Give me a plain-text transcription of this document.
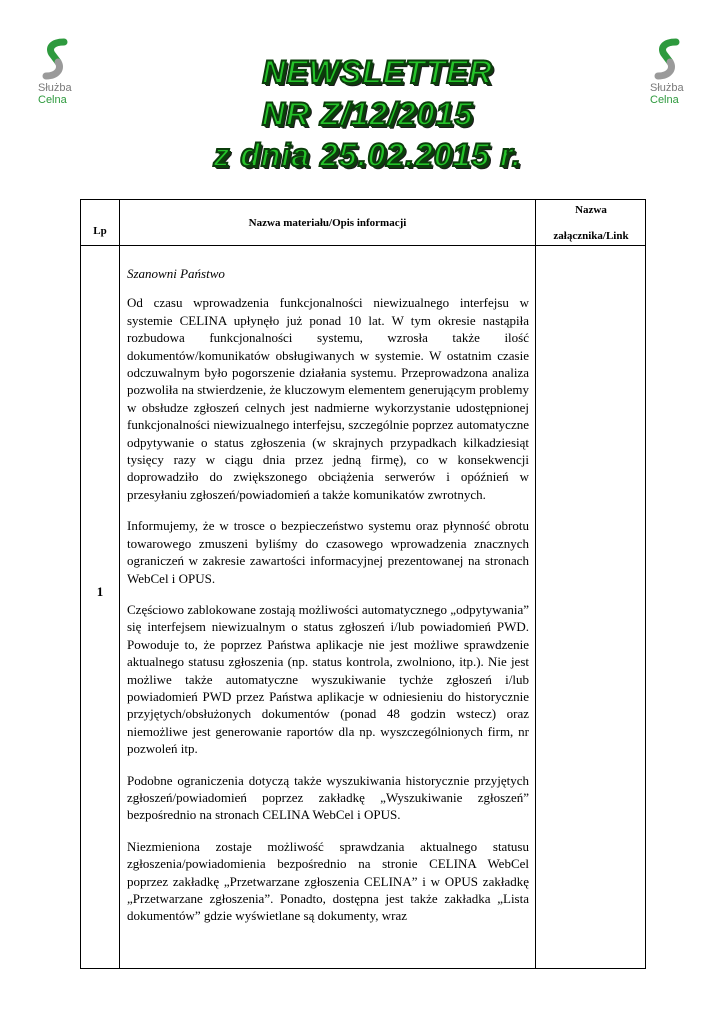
Służba
Celna
Służba
Celna
NEWSLETTER
NR Z/12/2015
z dnia 25.02.2015 r.
Lp
Nazwa materiału/Opis informacji
Nazwa
załącznika/Link
1

Szanowni Państwo

Od czasu wprowadzenia funkcjonalności niewizualnego interfejsu w systemie CELINA upłynęło już ponad 10 lat. W tym okresie nastąpiła rozbudowa funkcjonalności systemu, wzrosła także ilość dokumentów/komunikatów obsługiwanych w systemie. W ostatnim czasie odczuwalnym było pogorszenie działania systemu. Przeprowadzona analiza pozwoliła na stwierdzenie, że kluczowym elementem generującym problemy w obsłudze zgłoszeń celnych jest nadmierne wykorzystanie udostępnionej funkcjonalności niewizualnego interfejsu, szczególnie poprzez automatyczne odpytywanie o status zgłoszenia (w skrajnych przypadkach kilkadziesiąt tysięcy razy w ciągu dnia przez jedną firmę), co w konsekwencji doprowadziło do zwiększonego obciążenia serwerów i opóźnień w przesyłaniu zgłoszeń/powiadomień a także komunikatów zwrotnych.

Informujemy, że w trosce o bezpieczeństwo systemu oraz płynność obrotu towarowego zmuszeni byliśmy do czasowego wprowadzenia znacznych ograniczeń w zakresie zawartości informacyjnej prezentowanej na stronach WebCel i OPUS.

Częściowo zablokowane zostają możliwości automatycznego „odpytywania” się interfejsem niewizualnym o status zgłoszeń i/lub powiadomień PWD. Powoduje to, że poprzez Państwa aplikacje nie jest możliwe sprawdzenie aktualnego statusu zgłoszenia (np. status kontrola, zwolniono, itp.). Nie jest możliwe także automatyczne wyszukiwanie tychże zgłoszeń i/lub powiadomień PWD przez Państwa aplikacje w odniesieniu do historycznie przyjętych/obsłużonych dokumentów (ponad 48 godzin wstecz) oraz niemożliwe jest generowanie raportów dla np. wyszczególnionych firm, nr pozwoleń itp.

Podobne ograniczenia dotyczą także wyszukiwania historycznie przyjętych zgłoszeń/powiadomień poprzez zakładkę „Wyszukiwanie zgłoszeń” bezpośrednio na stronach CELINA WebCel i OPUS.

Niezmieniona zostaje możliwość sprawdzania aktualnego statusu zgłoszenia/powiadomienia bezpośrednio na stronie CELINA WebCel poprzez zakładkę „Przetwarzane zgłoszenia CELINA” i w OPUS zakładkę „Przetwarzane zgłoszenia”. Ponadto, dostępna jest także zakładka „Lista dokumentów” gdzie wyświetlane są dokumenty, wraz
